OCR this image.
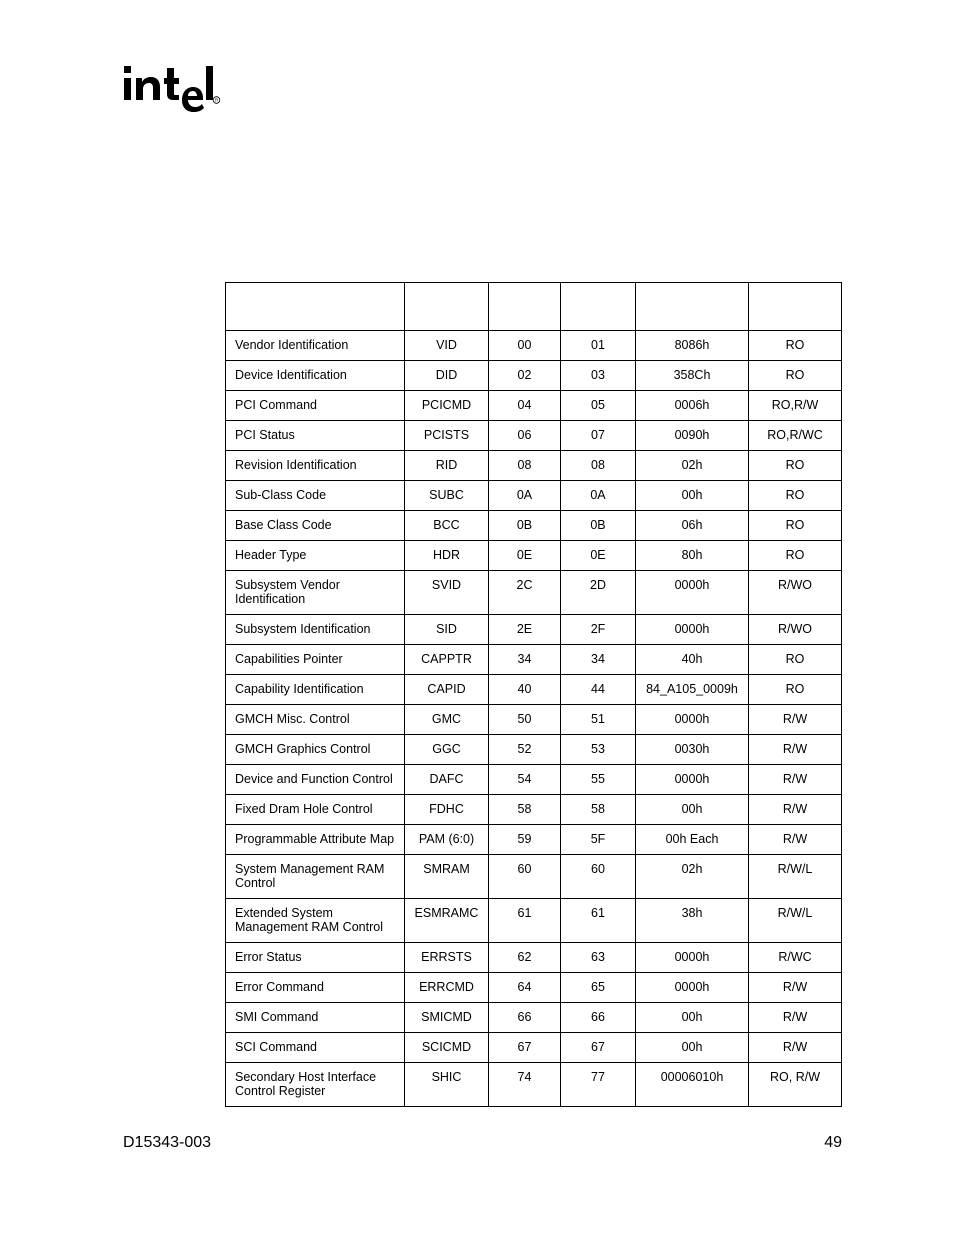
R

Vendor Identification	VID	00	01	8086h	RO
Device Identification	DID	02	03	358Ch	RO
PCI Command	PCICMD	04	05	0006h	RO,R/W
PCI Status	PCISTS	06	07	0090h	RO,R/WC
Revision Identification	RID	08	08	02h	RO
Sub-Class Code	SUBC	0A	0A	00h	RO
Base Class Code	BCC	0B	0B	06h	RO
Header Type	HDR	0E	0E	80h	RO
Subsystem Vendor Identification	SVID	2C	2D	0000h	R/WO
Subsystem Identification	SID	2E	2F	0000h	R/WO
Capabilities Pointer	CAPPTR	34	34	40h	RO
Capability Identification	CAPID	40	44	84_A105_0009h	RO
GMCH Misc. Control	GMC	50	51	0000h	R/W
GMCH Graphics Control	GGC	52	53	0030h	R/W
Device and Function Control	DAFC	54	55	0000h	R/W
Fixed Dram Hole Control	FDHC	58	58	00h	R/W
Programmable Attribute Map	PAM (6:0)	59	5F	00h Each	R/W
System Management RAM Control	SMRAM	60	60	02h	R/W/L
Extended System Management RAM Control	ESMRAMC	61	61	38h	R/W/L
Error Status	ERRSTS	62	63	0000h	R/WC
Error Command	ERRCMD	64	65	0000h	R/W
SMI Command	SMICMD	66	66	00h	R/W
SCI Command	SCICMD	67	67	00h	R/W
Secondary Host Interface Control Register	SHIC	74	77	00006010h	RO, R/W
D15343-003	49
